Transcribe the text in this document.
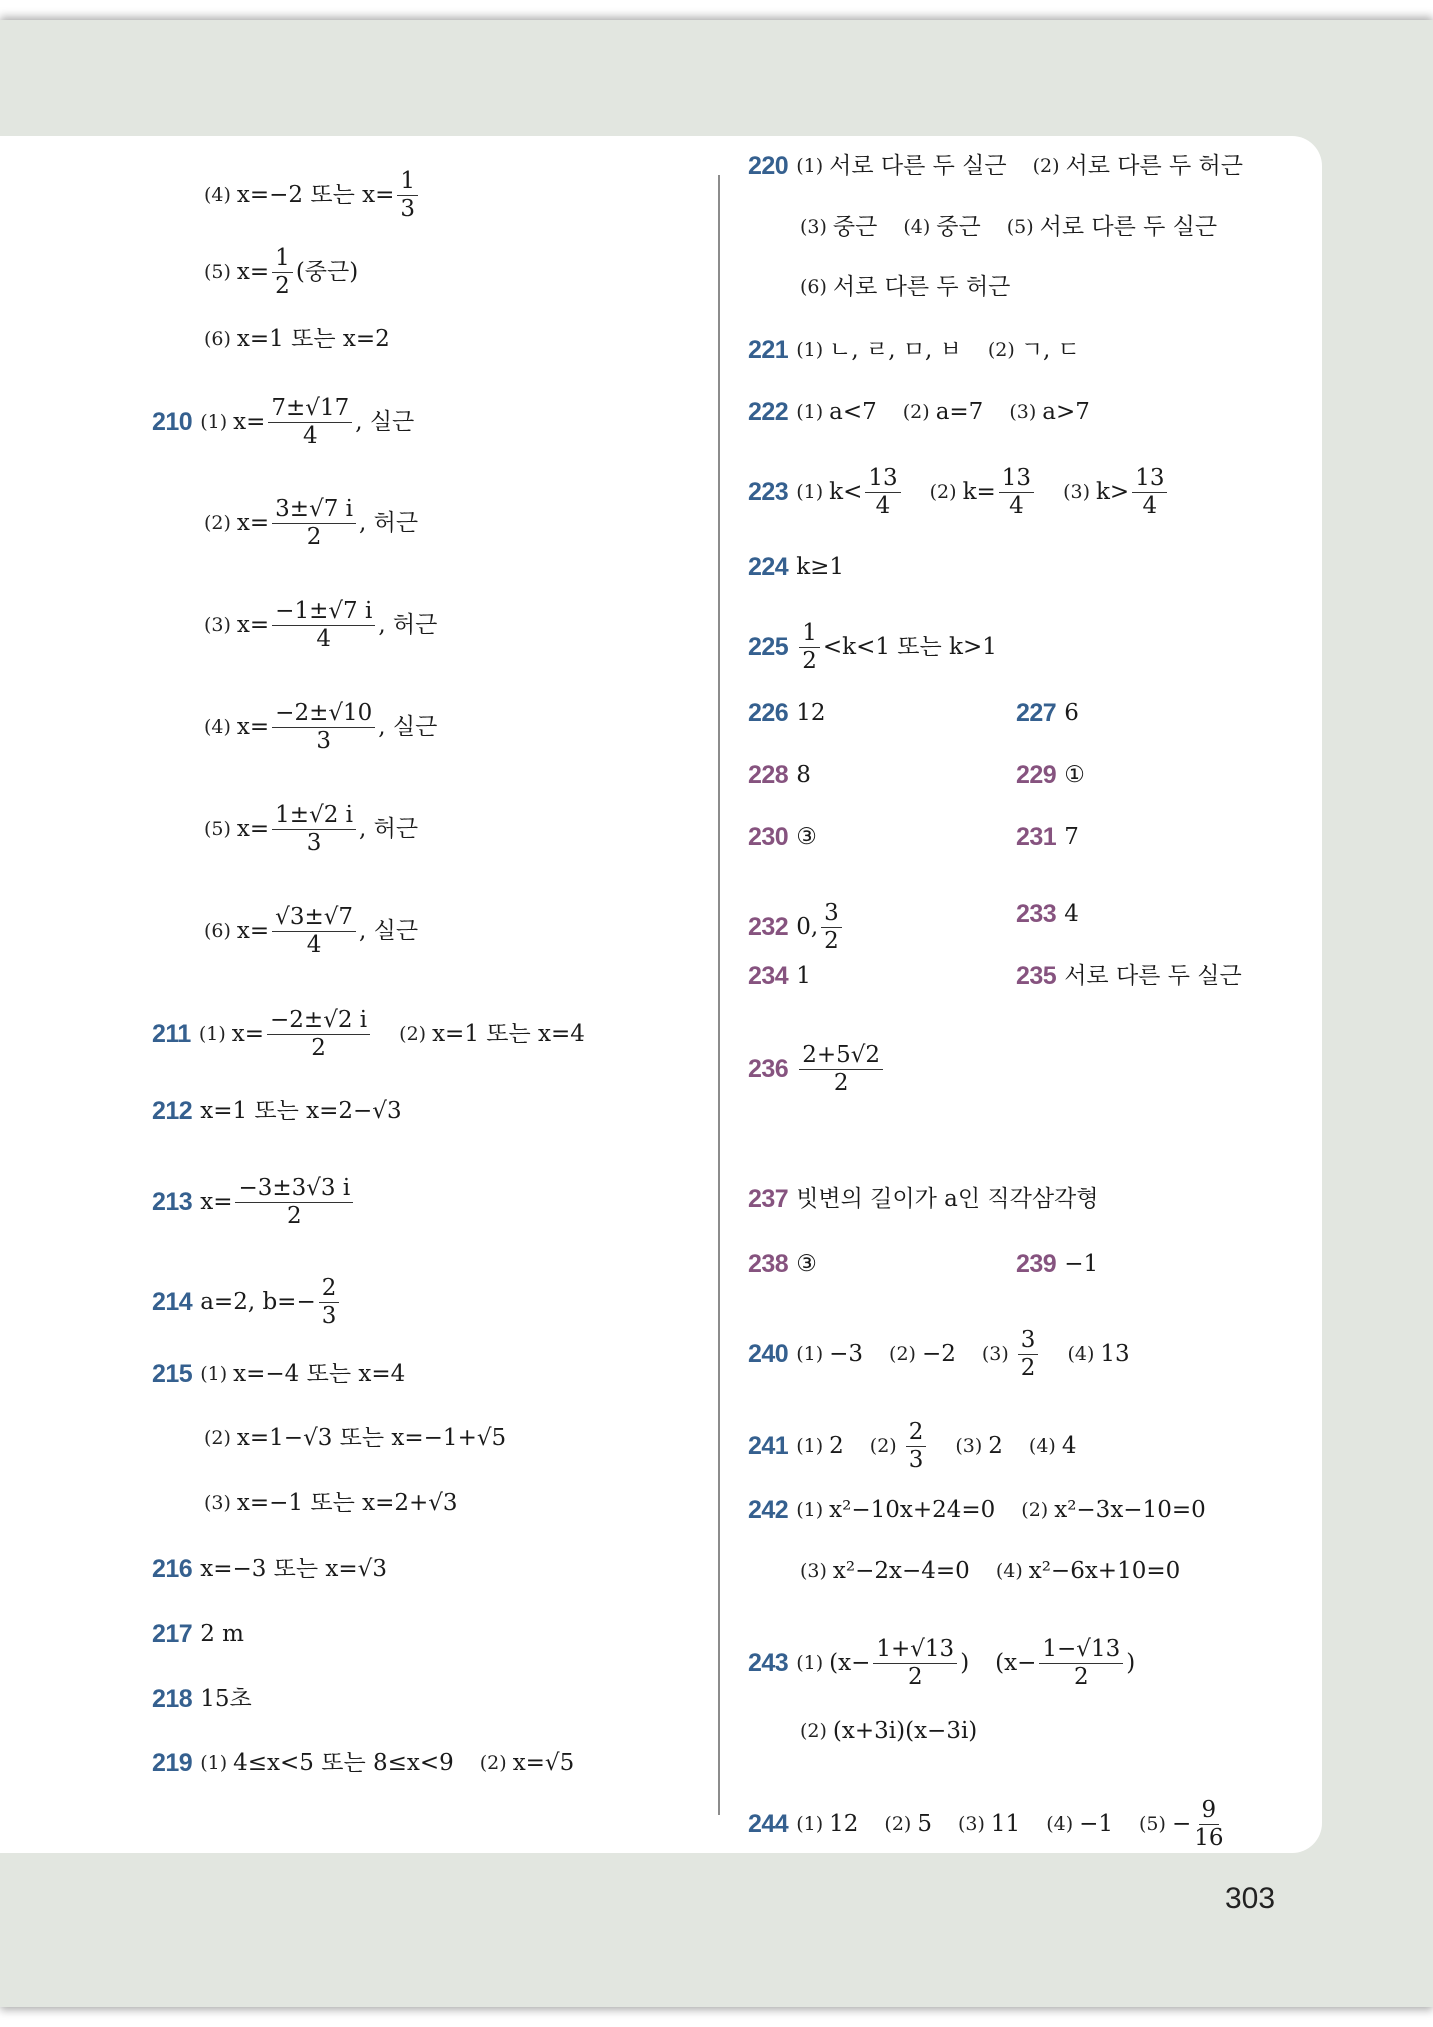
(4) x=−2 또는 $x= \frac{1}{3}$
(5) $x= \frac{1}{2}$ (중근)
(6) x=1 또는 x=2
210 (1) $x= \frac{7\pm√17}{4}$ , 실근
(2) $x= \frac{3\pm√7 i}{2}$ , 허근
(3) $x= \frac{-1\pm√7 i}{4}$ , 허근
(4) $x= \frac{-2\pm√10}{3}$ , 실근
(5) $x= \frac{1\pm√2 i}{3}$ , 허근
(6) $x= \frac{√3\pm√7}{4}$ , 실근
211 (1) $x= \frac{-2\pm√2 i}{2} (2)$ x=1 또는 x=4
212 x=1 또는 x=2−√3
213 $x= \frac{-3\pm 3√3 i}{2}$
214 a=2, $b=- \frac{2}{3}$
215 (1) x=−4 또는 x=4
(2) x=1−√3 또는 x=−1+√5
(3) x=−1 또는 x=2+√3
216 x=−3 또는 x=√3
217 2 m
218 15초
219 (1) 4≤x<5 또는 8≤x<9 (2) x=√5
220 (1) 서로 다른 두 실근 (2) 서로 다른 두 허근
(3) 중근 (4) 중근 (5) 서로 다른 두 실근
(6) 서로 다른 두 허근
221 (1) ㄴ, ㄹ, ㅁ, ㅂ (2) ㄱ, ㄷ
222 (1) a<7 (2) a=7 (3) a>7
223 (1) $k< \frac{13}{4} (2)$ $k= \frac{13}{4} (3)$ $k> \frac{13}{4}$
224 k≥1
$225 \frac{1}{2} <k<1$ 또는 k>1
226 12	227 6
228 8	229 ①
230 ③	231 7
232 0, $\frac{3}{2}$	233 4
234 1	235 서로 다른 두 실근
$236 \frac{2+5√2}{2}$
237 빗변의 길이가 a인 직각삼각형
238 ③	239 −1
240 (1) −3 (2) −2 $(3) \frac{3}{2} (4)$ 13
241 (1) 2 $(2) \frac{2}{3} (3)$ 2 (4) 4
242 (1) x²−10x+24=0 (2) x²−3x−10=0
(3) x²−2x−4=0 (4) x²−6x+10=0
243 (1) ($x- \frac{1+√13}{2}$ ) ($x- \frac{1-√13}{2}$ )
(2) (x+3i)(x−3i)
244 (1) 12 (2) 5 (3) 11 (4) −1 $(5) - \frac{9}{16}$
303
